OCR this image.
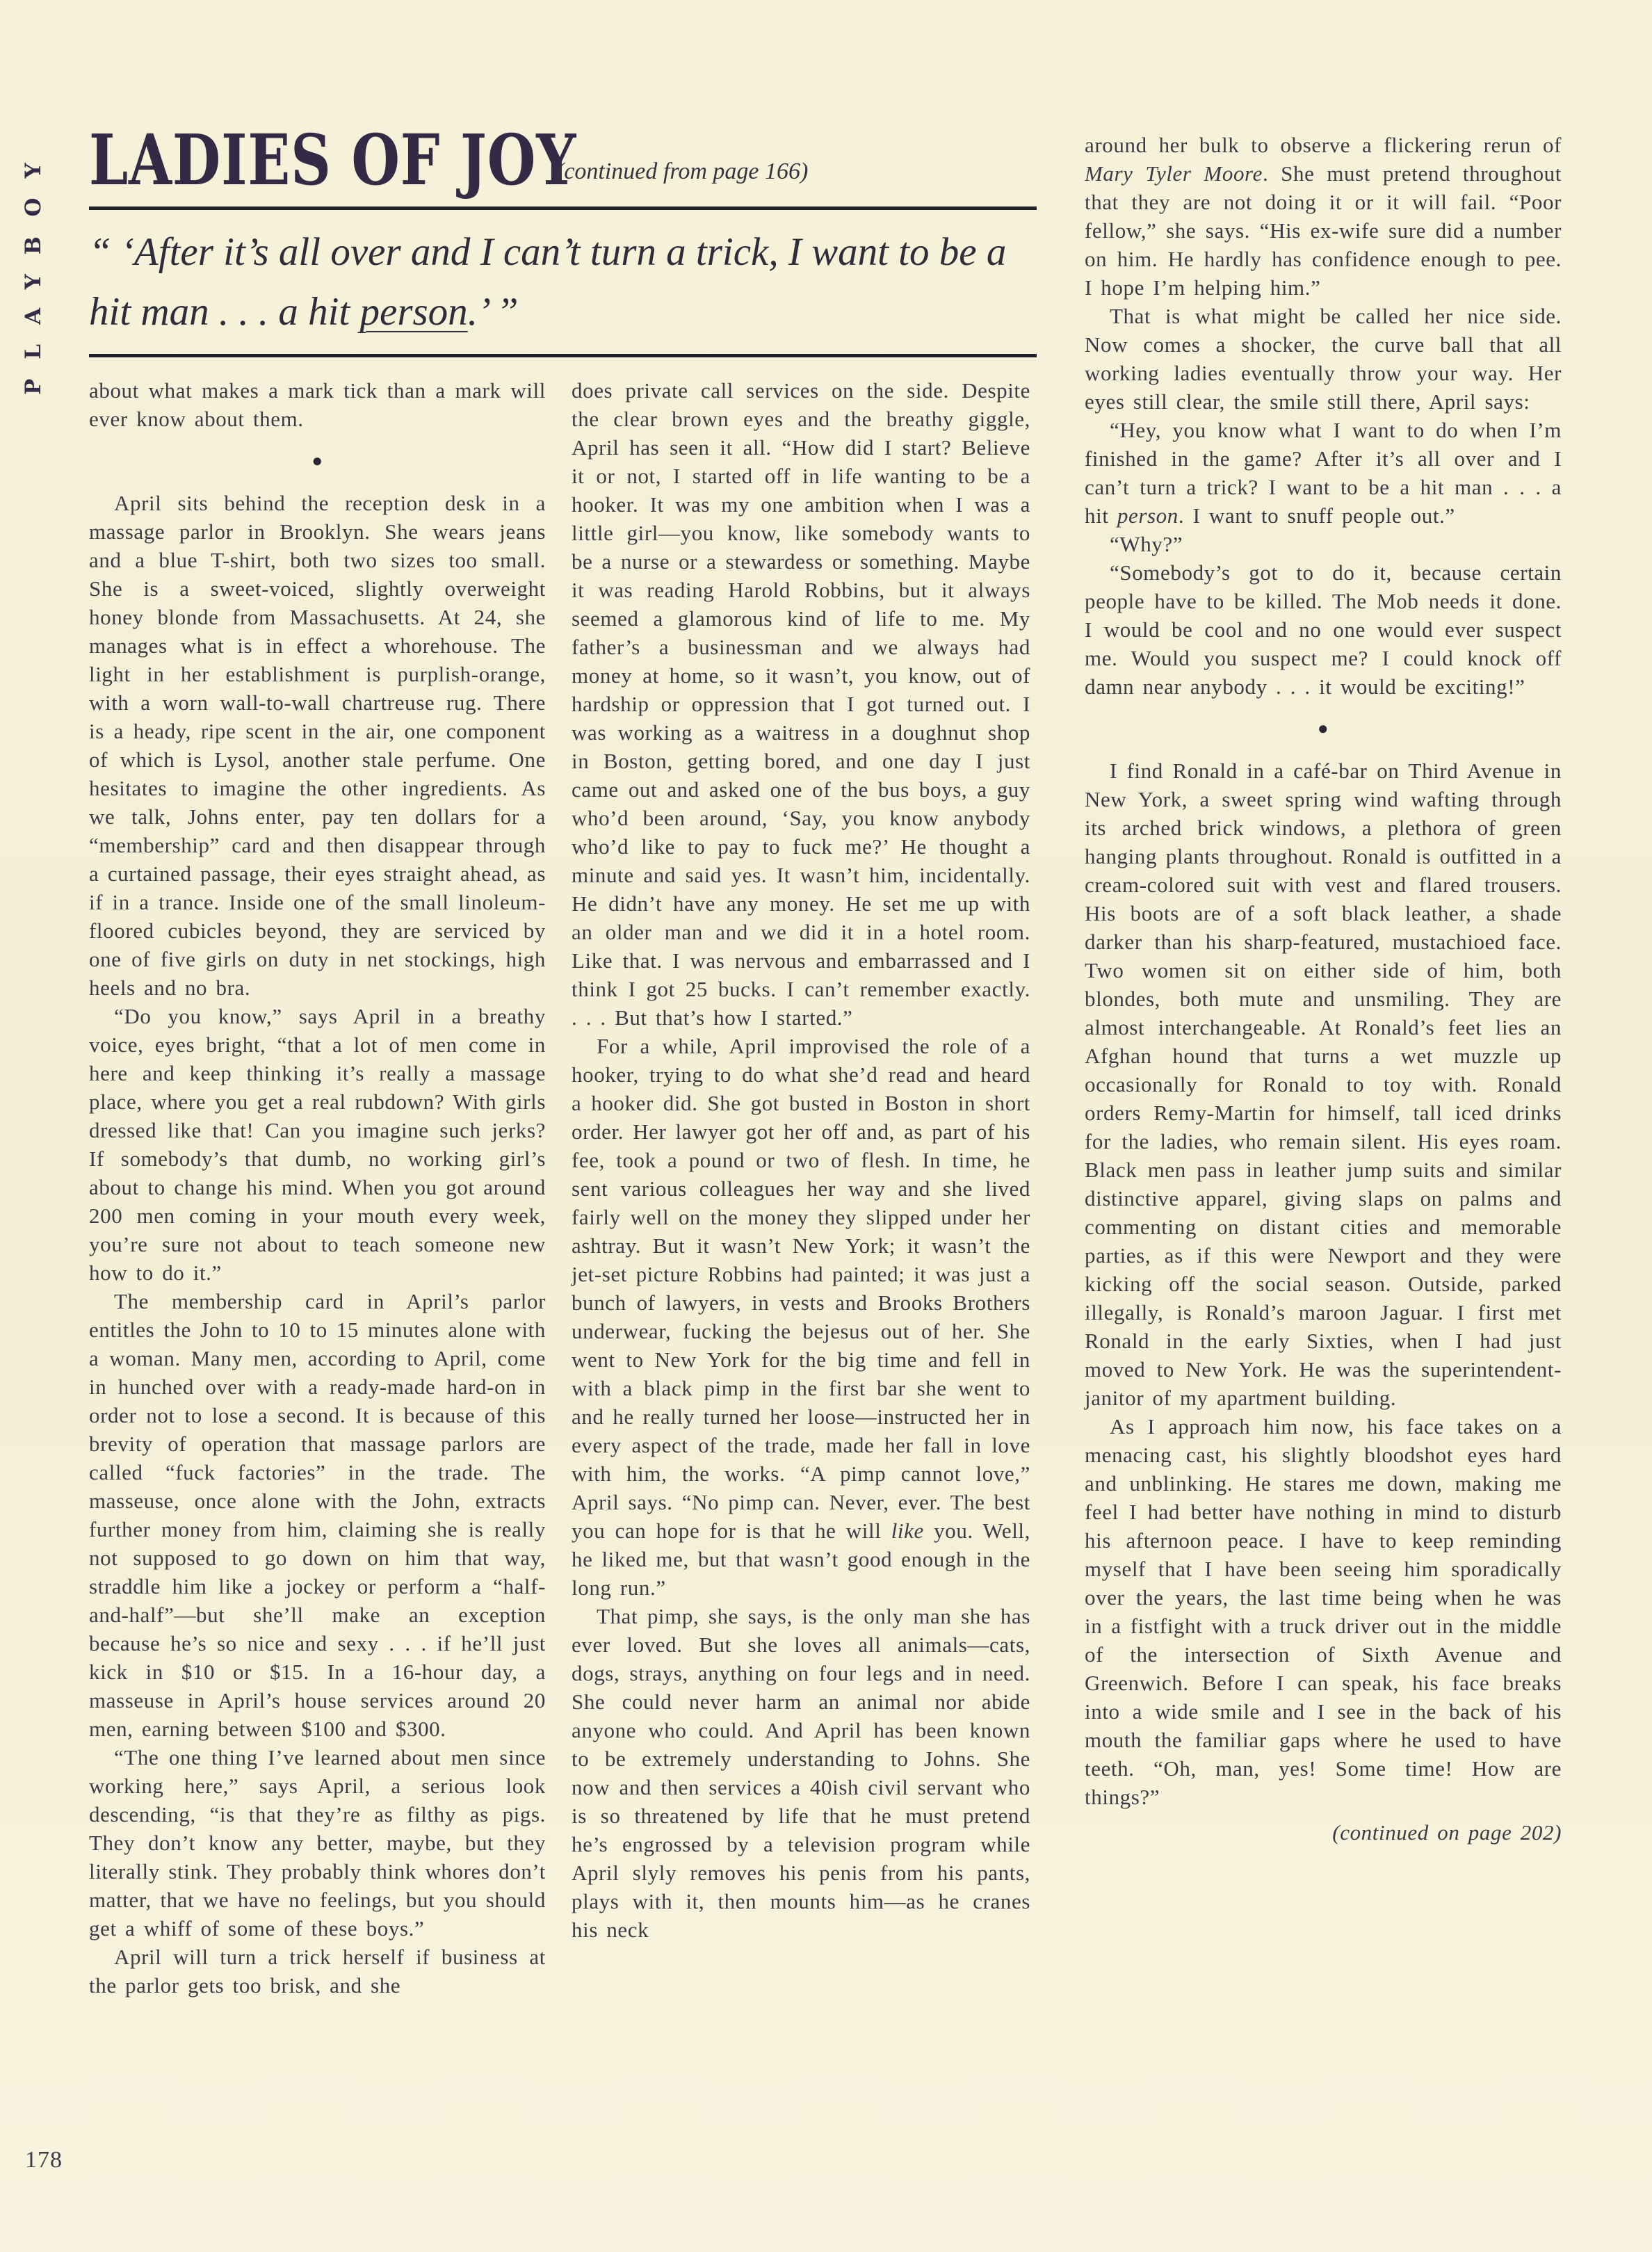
PLAYBOY LADIES OF JOY
(continued from page 166)
“ ‘After it’s all over and I can’t turn a trick, I want to be a hit man . . . a hit person.’ ”

about what makes a mark tick than a mark will ever know about them.

●

April sits behind the reception desk in a massage parlor in Brooklyn. She wears jeans and a blue T-shirt, both two sizes too small. She is a sweet-voiced, slightly overweight honey blonde from Massachusetts. At 24, she manages what is in effect a whorehouse. The light in her establishment is purplish-orange, with a worn wall-to-wall chartreuse rug. There is a heady, ripe scent in the air, one component of which is Lysol, another stale perfume. One hesitates to imagine the other ingredients. As we talk, Johns enter, pay ten dollars for a “membership” card and then disappear through a curtained passage, their eyes straight ahead, as if in a trance. Inside one of the small linoleum-floored cubicles beyond, they are serviced by one of five girls on duty in net stockings, high heels and no bra.

“Do you know,” says April in a breathy voice, eyes bright, “that a lot of men come in here and keep thinking it’s really a massage place, where you get a real rubdown? With girls dressed like that! Can you imagine such jerks? If somebody’s that dumb, no working girl’s about to change his mind. When you got around 200 men coming in your mouth every week, you’re sure not about to teach someone new how to do it.”

The membership card in April’s parlor entitles the John to 10 to 15 minutes alone with a woman. Many men, according to April, come in hunched over with a ready-made hard-on in order not to lose a second. It is because of this brevity of operation that massage parlors are called “fuck factories” in the trade. The masseuse, once alone with the John, extracts further money from him, claiming she is really not supposed to go down on him that way, straddle him like a jockey or perform a “half-and-half”—but she’ll make an exception because he’s so nice and sexy . . . if he’ll just kick in $10 or $15. In a 16-hour day, a masseuse in April’s house services around 20 men, earning between $100 and $300.

“The one thing I’ve learned about men since working here,” says April, a serious look descending, “is that they’re as filthy as pigs. They don’t know any better, maybe, but they literally stink. They probably think whores don’t matter, that we have no feelings, but you should get a whiff of some of these boys.”

April will turn a trick herself if business at the parlor gets too brisk, and she

does private call services on the side. Despite the clear brown eyes and the breathy giggle, April has seen it all. “How did I start? Believe it or not, I started off in life wanting to be a hooker. It was my one ambition when I was a little girl—you know, like somebody wants to be a nurse or a stewardess or something. Maybe it was reading Harold Robbins, but it always seemed a glamorous kind of life to me. My father’s a businessman and we always had money at home, so it wasn’t, you know, out of hardship or oppression that I got turned out. I was working as a waitress in a doughnut shop in Boston, getting bored, and one day I just came out and asked one of the bus boys, a guy who’d been around, ‘Say, you know anybody who’d like to pay to fuck me?’ He thought a minute and said yes. It wasn’t him, incidentally. He didn’t have any money. He set me up with an older man and we did it in a hotel room. Like that. I was nervous and embarrassed and I think I got 25 bucks. I can’t remember exactly. . . . But that’s how I started.”

For a while, April improvised the role of a hooker, trying to do what she’d read and heard a hooker did. She got busted in Boston in short order. Her lawyer got her off and, as part of his fee, took a pound or two of flesh. In time, he sent various colleagues her way and she lived fairly well on the money they slipped under her ashtray. But it wasn’t New York; it wasn’t the jet-set picture Robbins had painted; it was just a bunch of lawyers, in vests and Brooks Brothers underwear, fucking the bejesus out of her. She went to New York for the big time and fell in with a black pimp in the first bar she went to and he really turned her loose—instructed her in every aspect of the trade, made her fall in love with him, the works. “A pimp cannot love,” April says. “No pimp can. Never, ever. The best you can hope for is that he will like you. Well, he liked me, but that wasn’t good enough in the long run.”

That pimp, she says, is the only man she has ever loved. But she loves all animals—cats, dogs, strays, anything on four legs and in need. She could never harm an animal nor abide anyone who could. And April has been known to be extremely understanding to Johns. She now and then services a 40ish civil servant who is so threatened by life that he must pretend he’s engrossed by a television program while April slyly removes his penis from his pants, plays with it, then mounts him—as he cranes his neck

around her bulk to observe a flickering rerun of Mary Tyler Moore. She must pretend throughout that they are not doing it or it will fail. “Poor fellow,” she says. “His ex-wife sure did a number on him. He hardly has confidence enough to pee. I hope I’m helping him.”

That is what might be called her nice side. Now comes a shocker, the curve ball that all working ladies eventually throw your way. Her eyes still clear, the smile still there, April says:

“Hey, you know what I want to do when I’m finished in the game? After it’s all over and I can’t turn a trick? I want to be a hit man . . . a hit person. I want to snuff people out.”

“Why?”

“Somebody’s got to do it, because certain people have to be killed. The Mob needs it done. I would be cool and no one would ever suspect me. Would you suspect me? I could knock off damn near anybody . . . it would be exciting!”

●

I find Ronald in a café-bar on Third Avenue in New York, a sweet spring wind wafting through its arched brick windows, a plethora of green hanging plants throughout. Ronald is outfitted in a cream-colored suit with vest and flared trousers. His boots are of a soft black leather, a shade darker than his sharp-featured, mustachioed face. Two women sit on either side of him, both blondes, both mute and unsmiling. They are almost interchangeable. At Ronald’s feet lies an Afghan hound that turns a wet muzzle up occasionally for Ronald to toy with. Ronald orders Remy-Martin for himself, tall iced drinks for the ladies, who remain silent. His eyes roam. Black men pass in leather jump suits and similar distinctive apparel, giving slaps on palms and commenting on distant cities and memorable parties, as if this were Newport and they were kicking off the social season. Outside, parked illegally, is Ronald’s maroon Jaguar. I first met Ronald in the early Sixties, when I had just moved to New York. He was the superintendent-janitor of my apartment building.

As I approach him now, his face takes on a menacing cast, his slightly bloodshot eyes hard and unblinking. He stares me down, making me feel I had better have nothing in mind to disturb his afternoon peace. I have to keep reminding myself that I have been seeing him sporadically over the years, the last time being when he was in a fistfight with a truck driver out in the middle of the intersection of Sixth Avenue and Greenwich. Before I can speak, his face breaks into a wide smile and I see in the back of his mouth the familiar gaps where he used to have teeth. “Oh, man, yes! Some time! How are things?”

(continued on page 202)

178
